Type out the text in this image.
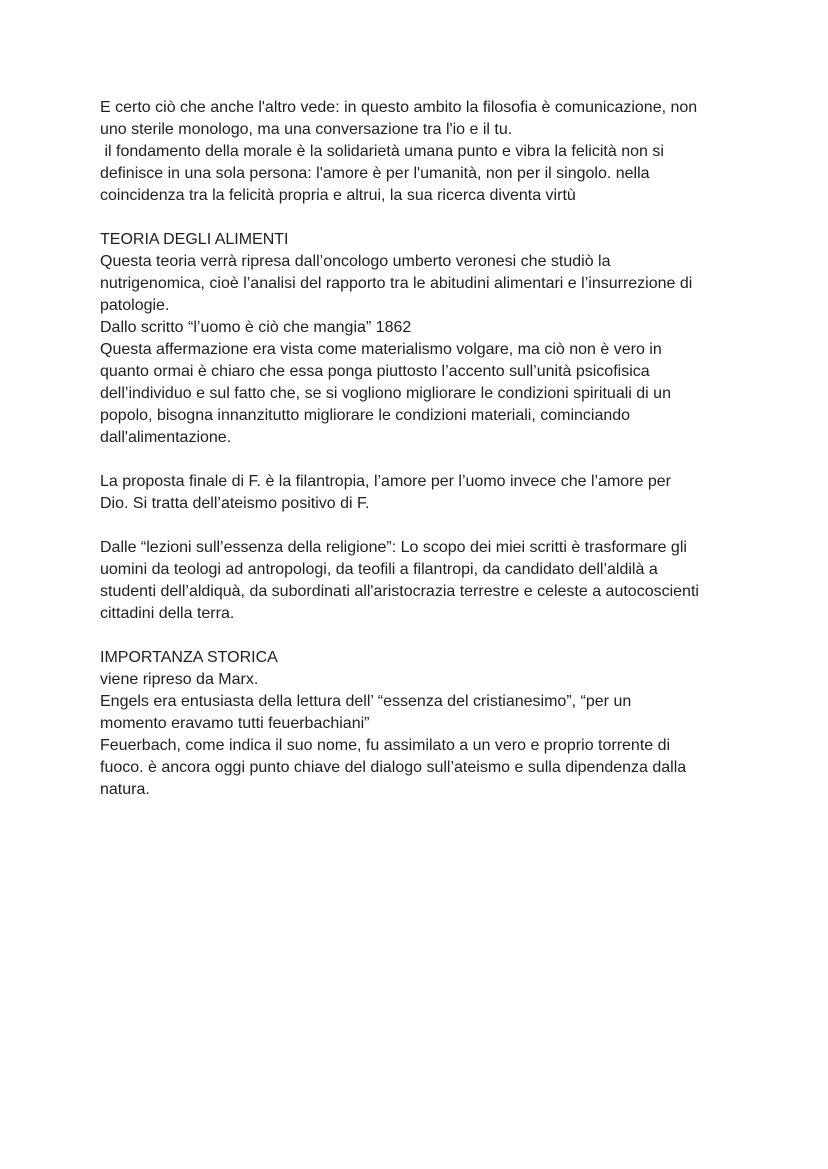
E certo ciò che anche l'altro vede: in questo ambito la filosofia è comunicazione, non
uno sterile monologo, ma una conversazione tra l'io e il tu.
il fondamento della morale è la solidarietà umana punto e vibra la felicità non si
definisce in una sola persona: l'amore è per l'umanità, non per il singolo. nella
coincidenza tra la felicità propria e altrui, la sua ricerca diventa virtù
TEORIA DEGLI ALIMENTI
Questa teoria verrà ripresa dall’oncologo umberto veronesi che studiò la
nutrigenomica, cioè l’analisi del rapporto tra le abitudini alimentari e l’insurrezione di
patologie.
Dallo scritto “l’uomo è ciò che mangia” 1862
Questa affermazione era vista come materialismo volgare, ma ciò non è vero in
quanto ormai è chiaro che essa ponga piuttosto l’accento sull’unità psicofisica
dell’individuo e sul fatto che, se si vogliono migliorare le condizioni spirituali di un
popolo, bisogna innanzitutto migliorare le condizioni materiali, cominciando
dall'alimentazione.
La proposta finale di F. è la filantropia, l’amore per l’uomo invece che l’amore per
Dio. Si tratta dell’ateismo positivo di F.
Dalle “lezioni sull’essenza della religione”: Lo scopo dei miei scritti è trasformare gli
uomini da teologi ad antropologi, da teofili a filantropi, da candidato dell’aldilà a
studenti dell’aldiquà, da subordinati all'aristocrazia terrestre e celeste a autocoscienti
cittadini della terra.
IMPORTANZA STORICA
viene ripreso da Marx.
Engels era entusiasta della lettura dell’ “essenza del cristianesimo”, “per un
momento eravamo tutti feuerbachiani”
Feuerbach, come indica il suo nome, fu assimilato a un vero e proprio torrente di
fuoco. è ancora oggi punto chiave del dialogo sull’ateismo e sulla dipendenza dalla
natura.
